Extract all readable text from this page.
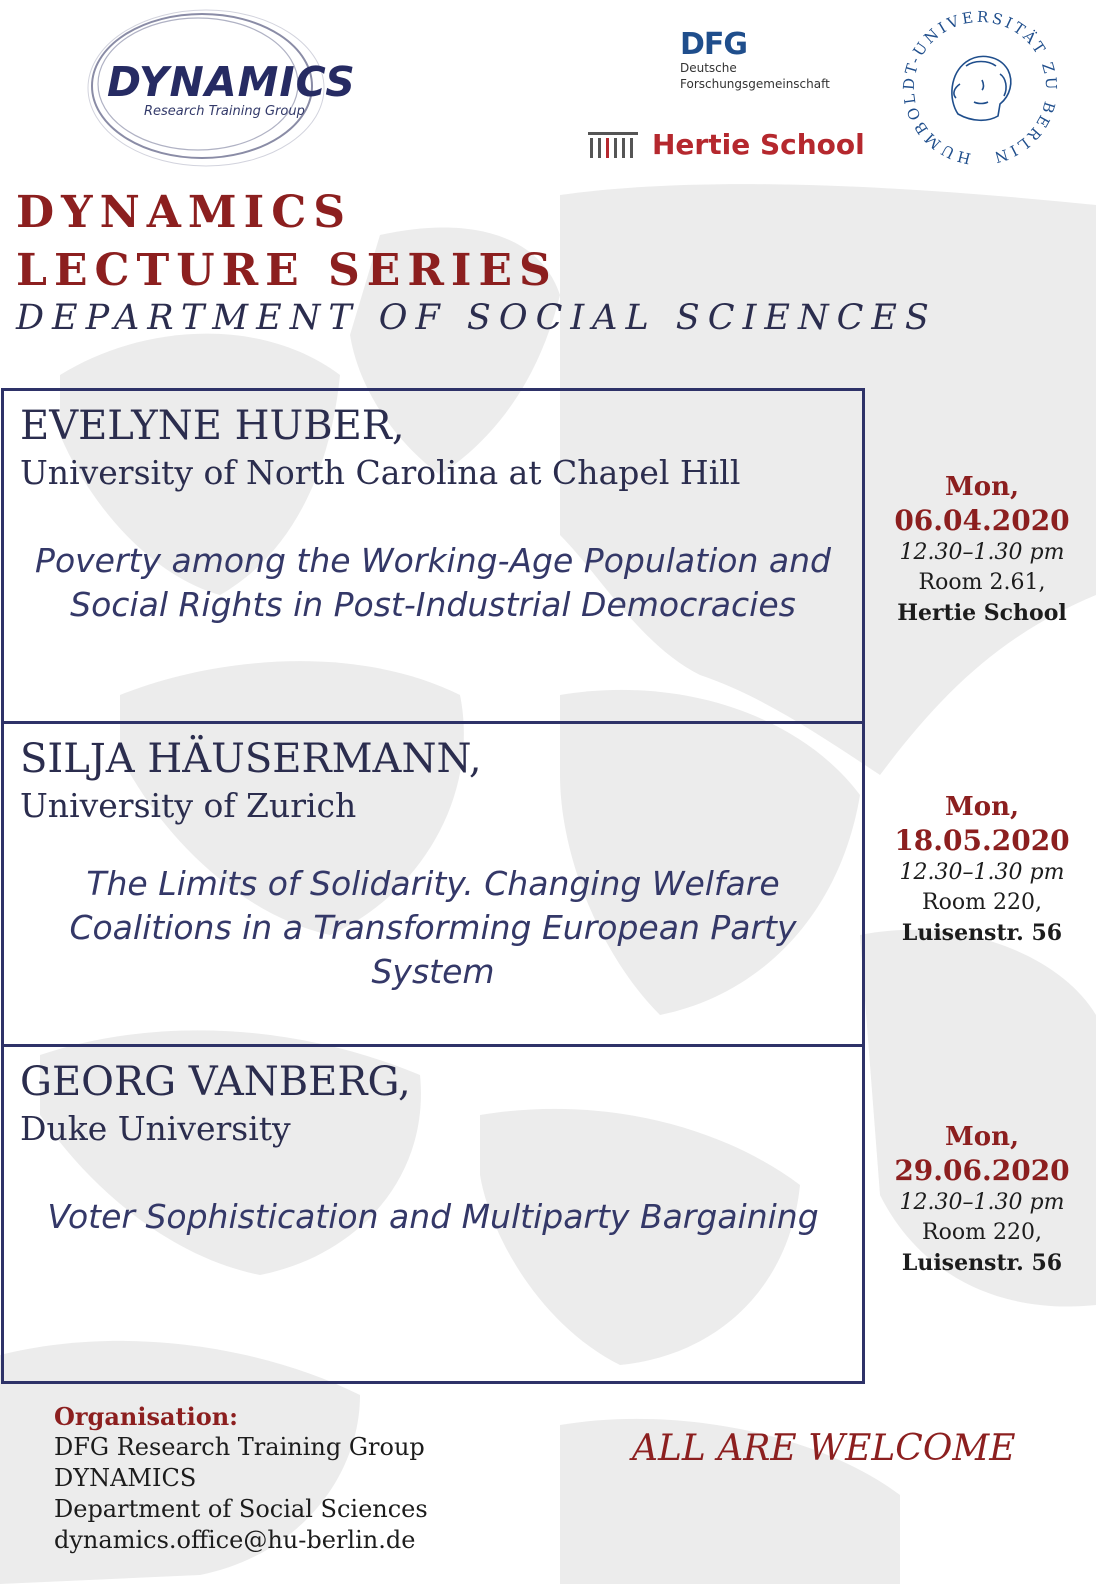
DYNAMICS
Research Training Group
DFG
Deutsche
Forschungsgemeinschaft
Hertie School	HUMBOLDT-UNIVERSITÄT ZU BERLIN
DYNAMICS
LECTURE SERIES
DEPARTMENT OF SOCIAL SCIENCES

EVELYNE HUBER,

University of North Carolina at Chapel Hill

Poverty among the Working-Age Population and Social Rights in Post-Industrial Democracies

SILJA HÄUSERMANN,

University of Zurich

The Limits of Solidarity. Changing Welfare Coalitions in a Transforming European Party System

GEORG VANBERG,

Duke University

Voter Sophistication and Multiparty Bargaining

Mon,
06.04.2020
12.30–1.30 pm
Room 2.61,
Hertie School
Mon,
18.05.2020
12.30–1.30 pm
Room 220,
Luisenstr. 56
Mon,
29.06.2020
12.30–1.30 pm
Room 220,
Luisenstr. 56
Organisation:
DFG Research Training Group
DYNAMICS
Department of Social Sciences
dynamics.office@hu-berlin.de
ALL ARE WELCOME
